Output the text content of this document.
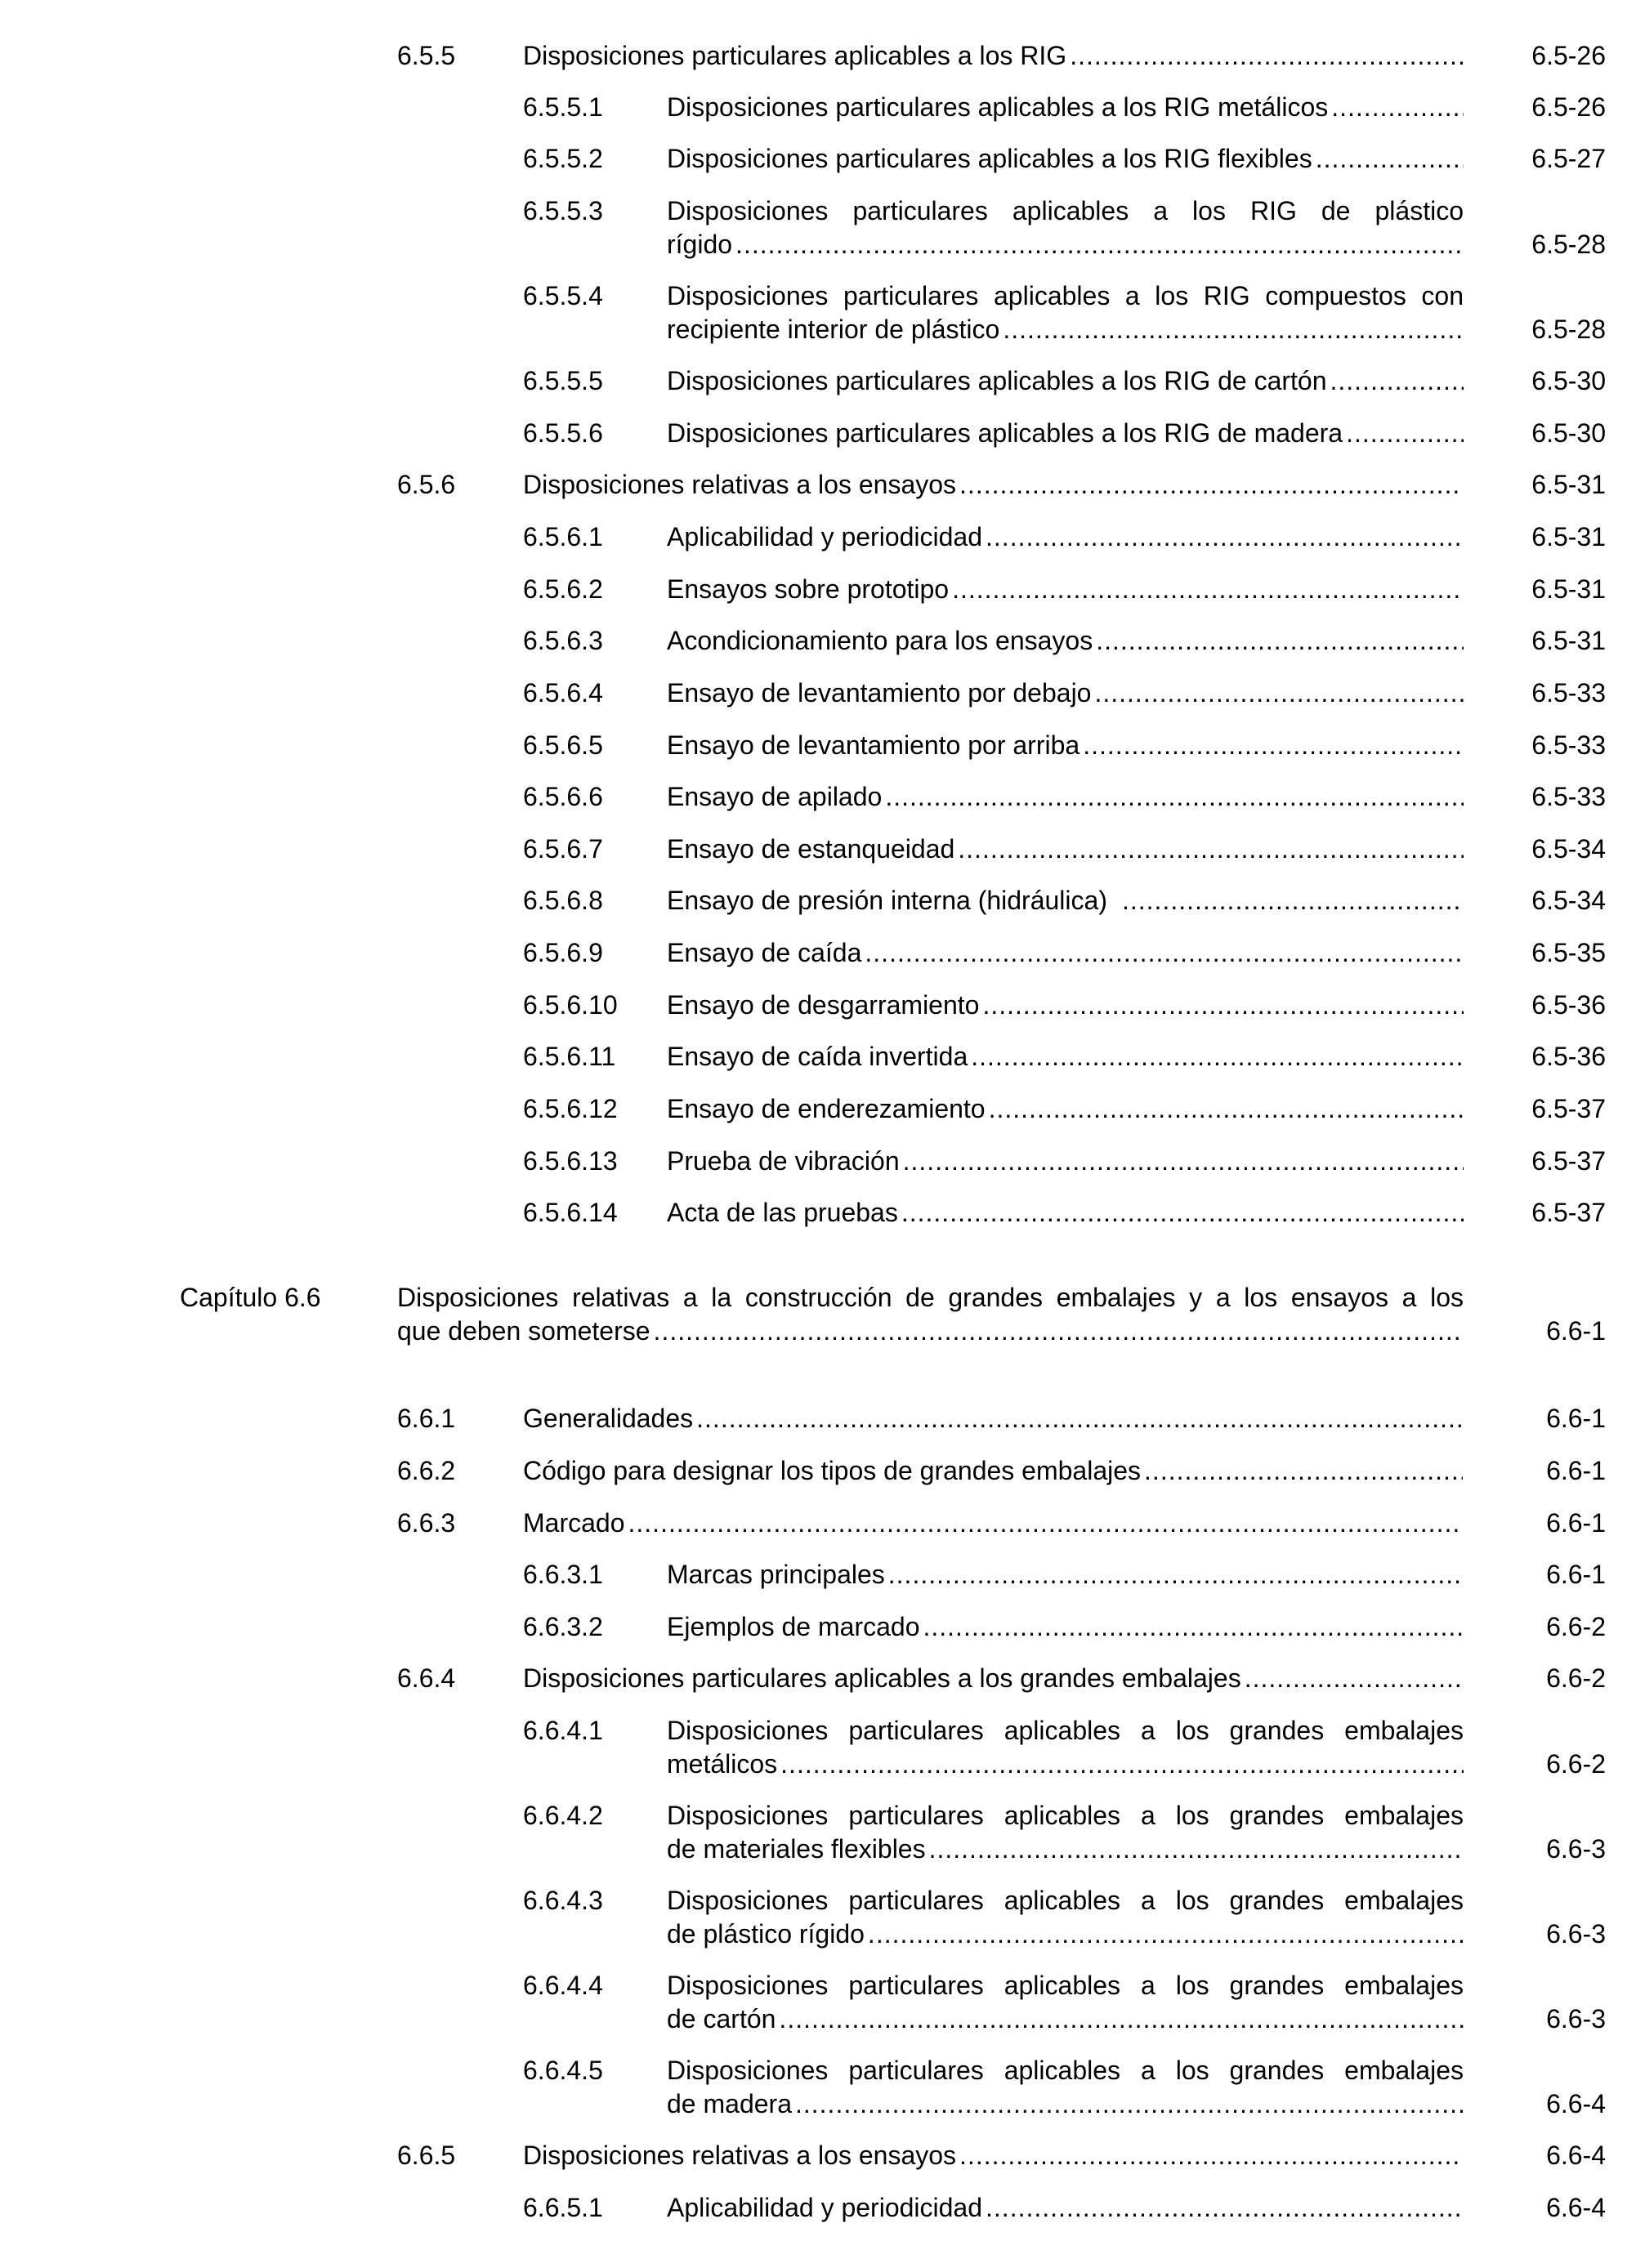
6.5.5	Disposiciones particulares aplicables a los RIG .....	6.5-26
6.5.5.1 Disposiciones particulares aplicables a los RIG metálicos .....	6.5-26
6.5.5.2 Disposiciones particulares aplicables a los RIG flexibles .....	6.5-27
6.5.5.3 Disposiciones particulares aplicables a los RIG de plástico
rígido .....	6.5-28
6.5.5.4 Disposiciones particulares aplicables a los RIG compuestos con
recipiente interior de plástico .....	6.5-28
6.5.5.5 Disposiciones particulares aplicables a los RIG de cartón .....	6.5-30
6.5.5.6 Disposiciones particulares aplicables a los RIG de madera .....	6.5-30
6.5.6	Disposiciones relativas a los ensayos .....	6.5-31
6.5.6.1 Aplicabilidad y periodicidad .....	6.5-31
6.5.6.2 Ensayos sobre prototipo .....	6.5-31
6.5.6.3 Acondicionamiento para los ensayos .....	6.5-31
6.5.6.4 Ensayo de levantamiento por debajo .....	6.5-33
6.5.6.5 Ensayo de levantamiento por arriba .....	6.5-33
6.5.6.6 Ensayo de apilado .....	6.5-33
6.5.6.7 Ensayo de estanqueidad .....	6.5-34
6.5.6.8 Ensayo de presión interna (hidráulica) .....	6.5-34
6.5.6.9 Ensayo de caída .....	6.5-35
6.5.6.10 Ensayo de desgarramiento .....	6.5-36
6.5.6.11 Ensayo de caída invertida .....	6.5-36
6.5.6.12 Ensayo de enderezamiento .....	6.5-37
6.5.6.13 Prueba de vibración .....	6.5-37
6.5.6.14 Acta de las pruebas .....	6.5-37
Capítulo 6.6	Disposiciones relativas a la construcción de grandes embalajes y a los ensayos a los
que deben someterse .....	6.6-1
6.6.1	Generalidades .....	6.6-1
6.6.2	Código para designar los tipos de grandes embalajes .....	6.6-1
6.6.3	Marcado .....	6.6-1
6.6.3.1 Marcas principales .....	6.6-1
6.6.3.2 Ejemplos de marcado .....	6.6-2
6.6.4	Disposiciones particulares aplicables a los grandes embalajes .....	6.6-2
6.6.4.1 Disposiciones particulares aplicables a los grandes embalajes
metálicos .....	6.6-2
6.6.4.2 Disposiciones particulares aplicables a los grandes embalajes
de materiales flexibles .....	6.6-3
6.6.4.3 Disposiciones particulares aplicables a los grandes embalajes
de plástico rígido .....	6.6-3
6.6.4.4 Disposiciones particulares aplicables a los grandes embalajes
de cartón .....	6.6-3
6.6.4.5 Disposiciones particulares aplicables a los grandes embalajes
de madera .....	6.6-4
6.6.5	Disposiciones relativas a los ensayos .....	6.6-4
6.6.5.1 Aplicabilidad y periodicidad .....	6.6-4
